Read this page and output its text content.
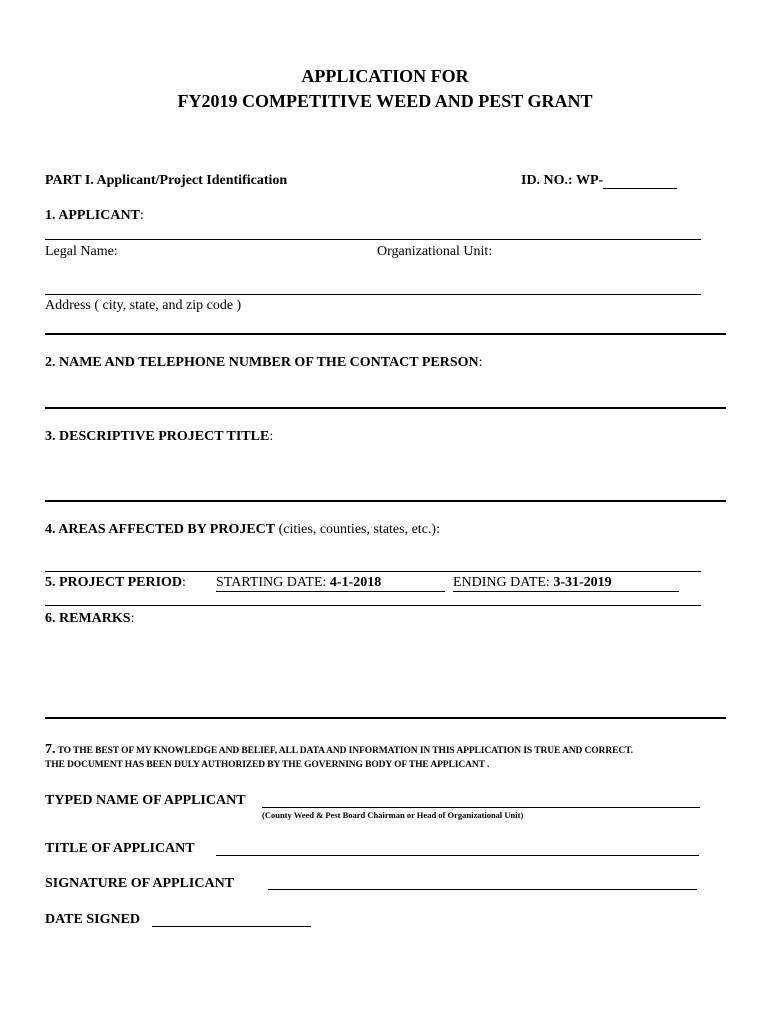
APPLICATION FOR
FY2019 COMPETITIVE WEED AND PEST GRANT
PART I. Applicant/Project Identification	ID. NO.: WP-
1. APPLICANT:
Legal Name:	Organizational Unit:
Address ( city, state, and zip code )
2. NAME AND TELEPHONE NUMBER OF THE CONTACT PERSON:
3. DESCRIPTIVE PROJECT TITLE:
4. AREAS AFFECTED BY PROJECT (cities, counties, states, etc.):
5. PROJECT PERIOD: STARTING DATE: 4-1-2018	ENDING DATE: 3-31-2019
6. REMARKS:
7. TO THE BEST OF MY KNOWLEDGE AND BELIEF, ALL DATA AND INFORMATION IN THIS APPLICATION IS TRUE AND CORRECT.
THE DOCUMENT HAS BEEN DULY AUTHORIZED BY THE GOVERNING BODY OF THE APPLICANT .
TYPED NAME OF APPLICANT
(County Weed & Pest Board Chairman or Head of Organizational Unit)
TITLE OF APPLICANT
SIGNATURE OF APPLICANT
DATE SIGNED
